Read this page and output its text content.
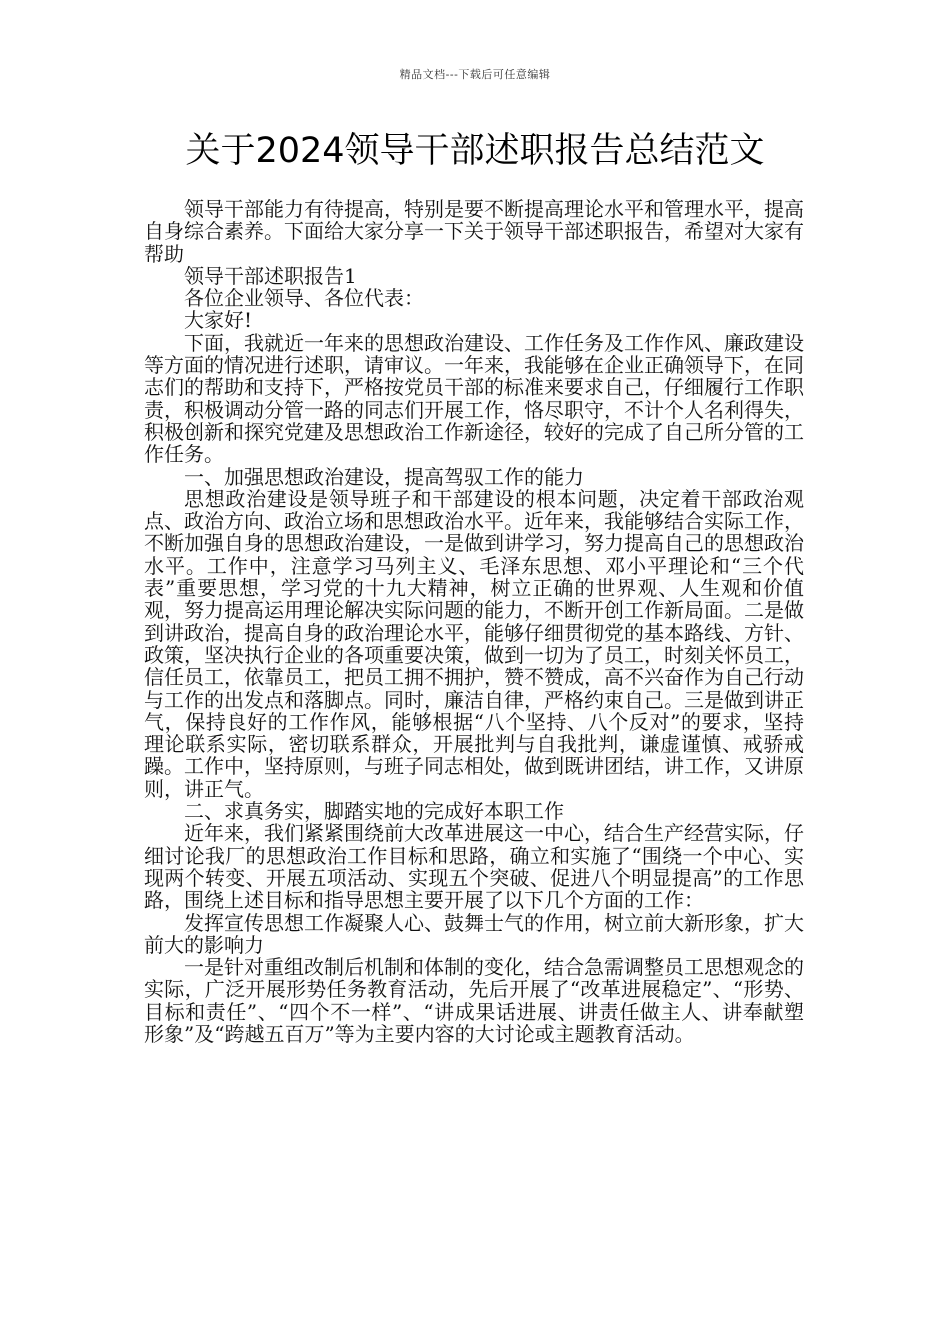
精品文档---下载后可任意编辑
关于2024领导干部述职报告总结范文

领导干部能力有待提高，特别是要不断提高理论水平和管理水平，提高自身综合素养。下面给大家分享一下关于领导干部述职报告，希望对大家有帮助

领导干部述职报告1

各位企业领导、各位代表：

大家好!

下面，我就近一年来的思想政治建设、工作任务及工作作风、廉政建设等方面的情况进行述职，请审议。一年来，我能够在企业正确领导下，在同志们的帮助和支持下，严格按党员干部的标准来要求自己，仔细履行工作职责，积极调动分管一路的同志们开展工作，恪尽职守，不计个人名利得失，积极创新和探究党建及思想政治工作新途径，较好的完成了自己所分管的工作任务。

一、加强思想政治建设，提高驾驭工作的能力

思想政治建设是领导班子和干部建设的根本问题，决定着干部政治观点、政治方向、政治立场和思想政治水平。近年来，我能够结合实际工作，不断加强自身的思想政治建设，一是做到讲学习，努力提高自己的思想政治水平。工作中，注意学习马列主义、毛泽东思想、邓小平理论和“三个代表”重要思想，学习党的十九大精神，树立正确的世界观、人生观和价值观，努力提高运用理论解决实际问题的能力，不断开创工作新局面。二是做到讲政治，提高自身的政治理论水平，能够仔细贯彻党的基本路线、方针、政策，坚决执行企业的各项重要决策，做到一切为了员工，时刻关怀员工，信任员工，依靠员工，把员工拥不拥护，赞不赞成，高不兴奋作为自己行动与工作的出发点和落脚点。同时，廉洁自律，严格约束自己。三是做到讲正气，保持良好的工作作风，能够根据“八个坚持、八个反对”的要求，坚持理论联系实际，密切联系群众，开展批判与自我批判，谦虚谨慎、戒骄戒躁。工作中，坚持原则，与班子同志相处，做到既讲团结，讲工作，又讲原则，讲正气。

二、求真务实，脚踏实地的完成好本职工作

近年来，我们紧紧围绕前大改革进展这一中心，结合生产经营实际，仔细讨论我厂的思想政治工作目标和思路，确立和实施了“围绕一个中心、实现两个转变、开展五项活动、实现五个突破、促进八个明显提高”的工作思路，围绕上述目标和指导思想主要开展了以下几个方面的工作：

发挥宣传思想工作凝聚人心、鼓舞士气的作用，树立前大新形象，扩大前大的影响力

一是针对重组改制后机制和体制的变化，结合急需调整员工思想观念的实际，广泛开展形势任务教育活动，先后开展了“改革进展稳定”、“形势、目标和责任”、“四个不一样”、“讲成果话进展、讲责任做主人、讲奉献塑形象”及“跨越五百万”等为主要内容的大讨论或主题教育活动。
